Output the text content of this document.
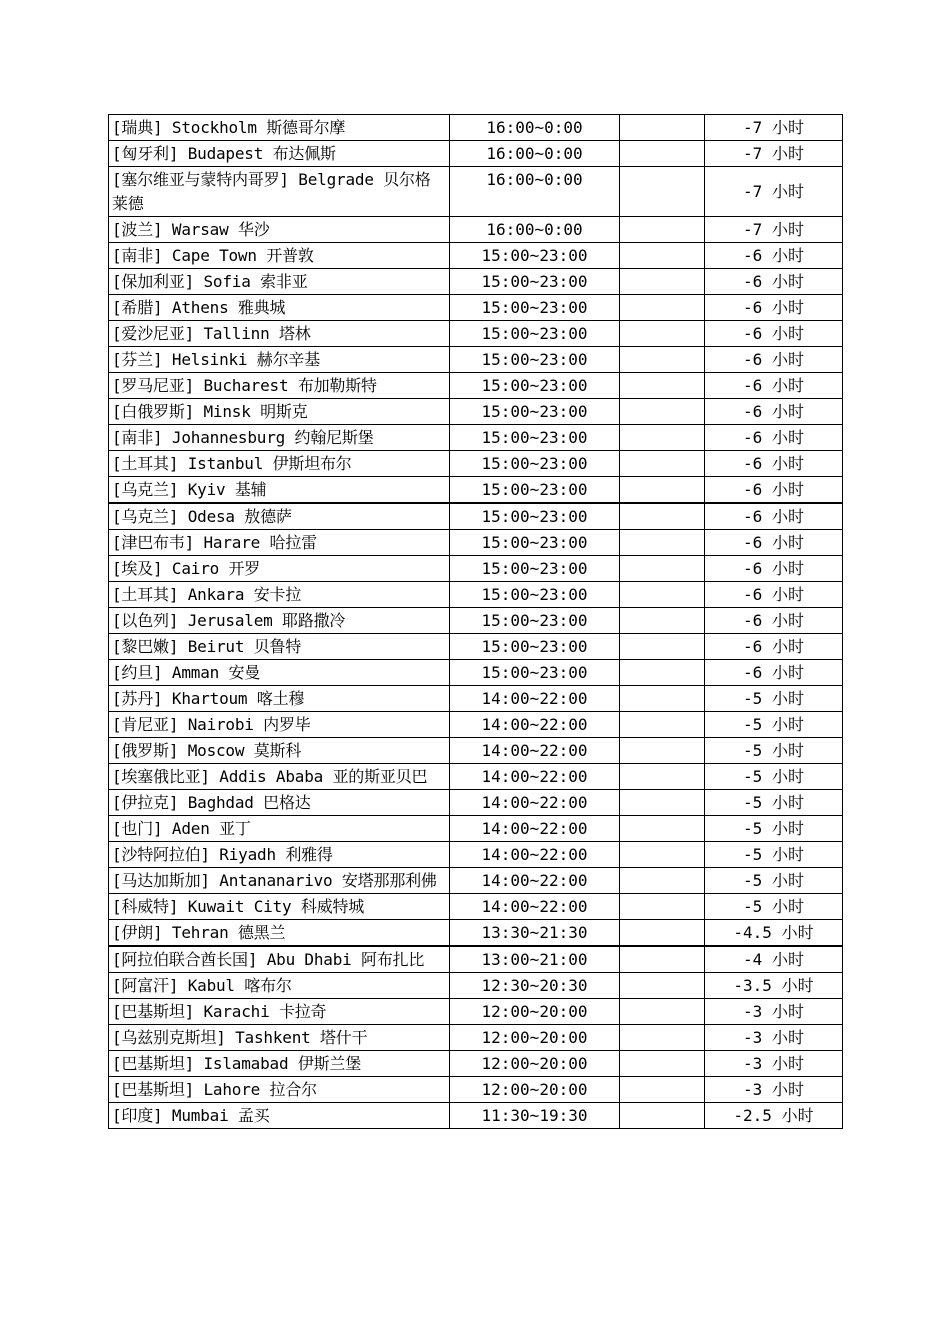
[瑞典] Stockholm 斯德哥尔摩	16:00~0:00		-7 小时
[匈牙利] Budapest 布达佩斯	16:00~0:00		-7 小时
[塞尔维亚与蒙特内哥罗] Belgrade 贝尔格莱德	16:00~0:00		-7 小时
[波兰] Warsaw 华沙	16:00~0:00		-7 小时
[南非] Cape Town 开普敦	15:00~23:00		-6 小时
[保加利亚] Sofia 索非亚	15:00~23:00		-6 小时
[希腊] Athens 雅典城	15:00~23:00		-6 小时
[爱沙尼亚] Tallinn 塔林	15:00~23:00		-6 小时
[芬兰] Helsinki 赫尔辛基	15:00~23:00		-6 小时
[罗马尼亚] Bucharest 布加勒斯特	15:00~23:00		-6 小时
[白俄罗斯] Minsk 明斯克	15:00~23:00		-6 小时
[南非] Johannesburg 约翰尼斯堡	15:00~23:00		-6 小时
[土耳其] Istanbul 伊斯坦布尔	15:00~23:00		-6 小时
[乌克兰] Kyiv 基辅	15:00~23:00		-6 小时
[乌克兰] Odesa 敖德萨	15:00~23:00		-6 小时
[津巴布韦] Harare 哈拉雷	15:00~23:00		-6 小时
[埃及] Cairo 开罗	15:00~23:00		-6 小时
[土耳其] Ankara 安卡拉	15:00~23:00		-6 小时
[以色列] Jerusalem 耶路撒冷	15:00~23:00		-6 小时
[黎巴嫩] Beirut 贝鲁特	15:00~23:00		-6 小时
[约旦] Amman 安曼	15:00~23:00		-6 小时
[苏丹] Khartoum 喀土穆	14:00~22:00		-5 小时
[肯尼亚] Nairobi 内罗毕	14:00~22:00		-5 小时
[俄罗斯] Moscow 莫斯科	14:00~22:00		-5 小时
[埃塞俄比亚] Addis Ababa 亚的斯亚贝巴	14:00~22:00		-5 小时
[伊拉克] Baghdad 巴格达	14:00~22:00		-5 小时
[也门] Aden 亚丁	14:00~22:00		-5 小时
[沙特阿拉伯] Riyadh 利雅得	14:00~22:00		-5 小时
[马达加斯加] Antananarivo 安塔那那利佛	14:00~22:00		-5 小时
[科威特] Kuwait City 科威特城	14:00~22:00		-5 小时
[伊朗] Tehran 德黑兰	13:30~21:30		-4.5 小时
[阿拉伯联合酋长国] Abu Dhabi 阿布扎比	13:00~21:00		-4 小时
[阿富汗] Kabul 喀布尔	12:30~20:30		-3.5 小时
[巴基斯坦] Karachi 卡拉奇	12:00~20:00		-3 小时
[乌兹别克斯坦] Tashkent 塔什干	12:00~20:00		-3 小时
[巴基斯坦] Islamabad 伊斯兰堡	12:00~20:00		-3 小时
[巴基斯坦] Lahore 拉合尔	12:00~20:00		-3 小时
[印度] Mumbai 孟买	11:30~19:30		-2.5 小时
